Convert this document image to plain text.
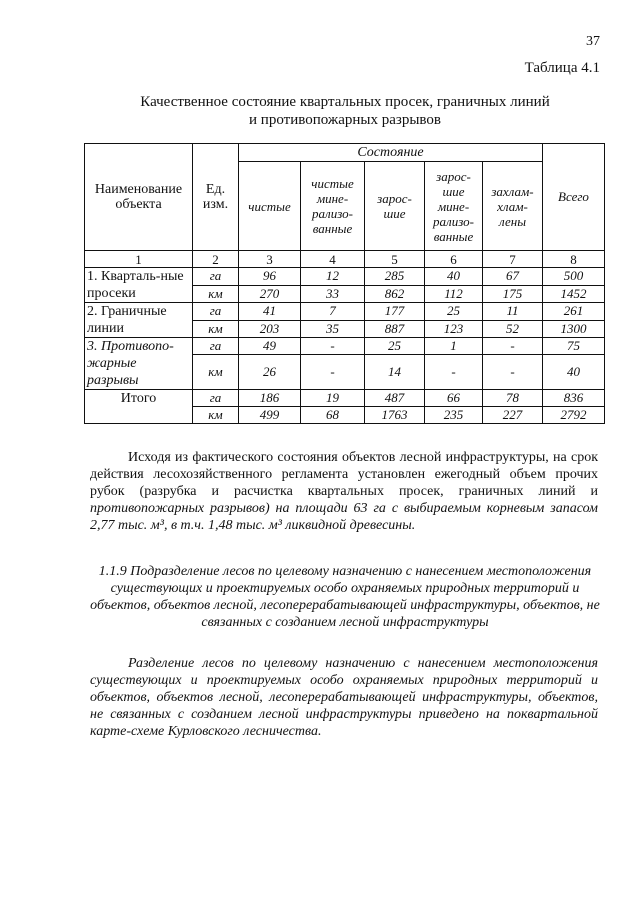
37
Таблица 4.1
Качественное состояние квартальных просек, граничных линий
и противопожарных разрывов
Наименование объекта	Ед. изм.	Состояние					Всего
		чистые	чистые мине-рализо-ванные	зарос-шие	зарос-шие мине-рализо-ванные	захлам-хлам-лены	
1	2	3	4	5	6	7	8
1. Кварталь-ные просеки	га	96	12	285	40	67	500
	км	270	33	862	112	175	1452
2. Граничные линии	га	41	7	177	25	11	261
	км	203	35	887	123	52	1300
3. Противопо-жарные разрывы	га	49	-	25	1	-	75
	км	26	-	14	-	-	40
Итого	га	186	19	487	66	78	836
	км	499	68	1763	235	227	2792
Исходя из фактического состояния объектов лесной инфраструктуры, на срок действия лесохозяйственного регламента установлен ежегодный объем прочих рубок (разрубка и расчистка квартальных просек, граничных линий и противопожарных разрывов) на площади 63 га с выбираемым корневым запасом 2,77 тыс. м³, в т.ч. 1,48 тыс. м³ ликвидной древесины.
1.1.9 Подразделение лесов по целевому назначению с нанесением местоположения существующих и проектируемых особо охраняемых природных территорий и объектов, объектов лесной, лесоперерабатывающей инфраструктуры, объектов, не связанных с созданием лесной инфраструктуры
Разделение лесов по целевому назначению с нанесением местоположения существующих и проектируемых особо охраняемых природных территорий и объектов, объектов лесной, лесоперерабатывающей инфраструктуры, объектов, не связанных с созданием лесной инфраструктуры приведено на поквартальной карте-схеме Курловского лесничества.
